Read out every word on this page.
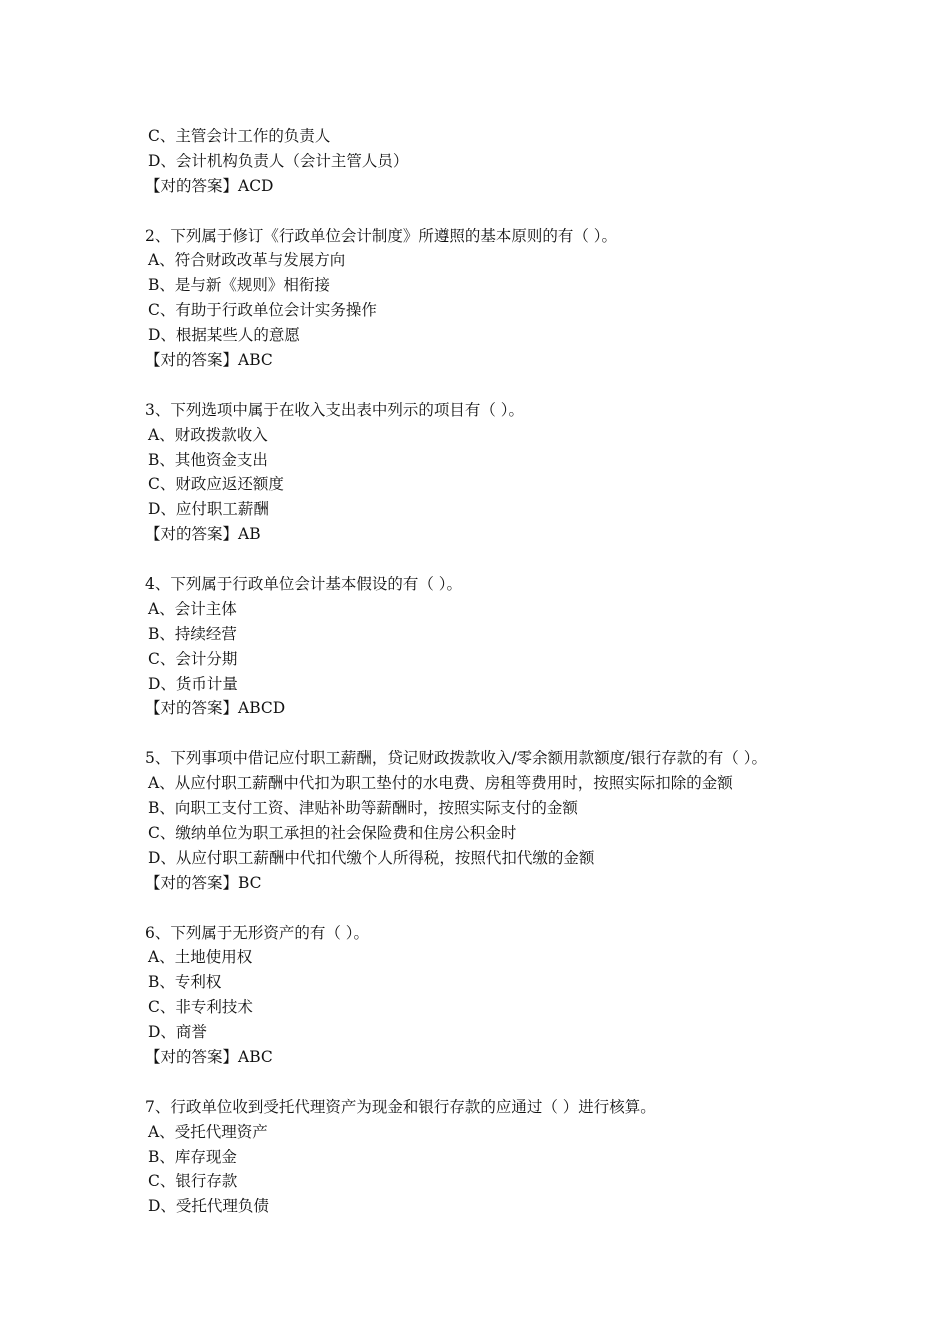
C、主管会计工作的负责人
D、会计机构负责人（会计主管人员）
【对的答案】ACD
2、下列属于修订《行政单位会计制度》所遵照的基本原则的有（ ）。
A、符合财政改革与发展方向
B、是与新《规则》相衔接
C、有助于行政单位会计实务操作
D、根据某些人的意愿
【对的答案】ABC
3、下列选项中属于在收入支出表中列示的项目有（ ）。
A、财政拨款收入
B、其他资金支出
C、财政应返还额度
D、应付职工薪酬
【对的答案】AB
4、下列属于行政单位会计基本假设的有（ ）。
A、会计主体
B、持续经营
C、会计分期
D、货币计量
【对的答案】ABCD
5、下列事项中借记应付职工薪酬，贷记财政拨款收入/零余额用款额度/银行存款的有（ ）。
A、从应付职工薪酬中代扣为职工垫付的水电费、房租等费用时，按照实际扣除的金额
B、向职工支付工资、津贴补助等薪酬时，按照实际支付的金额
C、缴纳单位为职工承担的社会保险费和住房公积金时
D、从应付职工薪酬中代扣代缴个人所得税，按照代扣代缴的金额
【对的答案】BC
6、下列属于无形资产的有（ ）。
A、土地使用权
B、专利权
C、非专利技术
D、商誉
【对的答案】ABC
7、行政单位收到受托代理资产为现金和银行存款的应通过（ ）进行核算。
A、受托代理资产
B、库存现金
C、银行存款
D、受托代理负债
